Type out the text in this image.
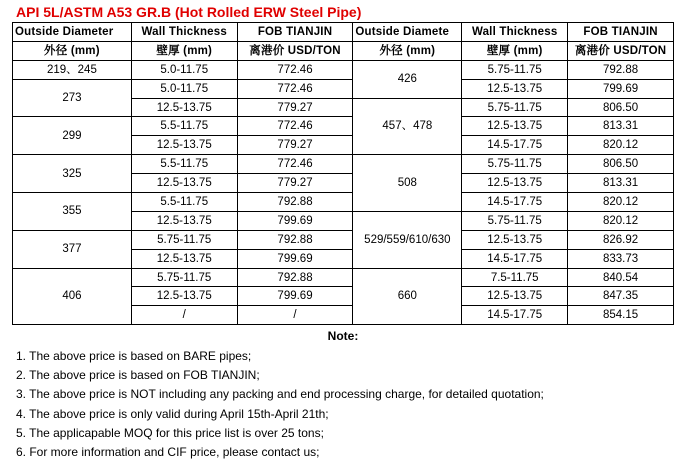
API 5L/ASTM A53 GR.B (Hot Rolled ERW Steel Pipe)
Outside Diameter	Wall Thickness	FOB TIANJIN	Outside Diamete	Wall Thickness	FOB TIANJIN
外径 (mm)	壁厚 (mm)	离港价 USD/TON	外径 (mm)	壁厚 (mm)	离港价 USD/TON
219、245	5.0-11.75	772.46	426	5.75-11.75	792.88
273	5.0-11.75	772.46		12.5-13.75	799.69
	12.5-13.75	779.27	457、478	5.75-11.75	806.50
299	5.5-11.75	772.46		12.5-13.75	813.31
	12.5-13.75	779.27		14.5-17.75	820.12
325	5.5-11.75	772.46	508	5.75-11.75	806.50
	12.5-13.75	779.27		12.5-13.75	813.31
355	5.5-11.75	792.88		14.5-17.75	820.12
	12.5-13.75	799.69	529/559/610/630	5.75-11.75	820.12
377	5.75-11.75	792.88		12.5-13.75	826.92
	12.5-13.75	799.69		14.5-17.75	833.73
406	5.75-11.75	792.88	660	7.5-11.75	840.54
	12.5-13.75	799.69		12.5-13.75	847.35
	/	/		14.5-17.75	854.15
Note:
1. The above price is based on BARE pipes;
2. The above price is based on FOB TIANJIN;
3. The above price is NOT including any packing and end processing charge, for detailed quotation;
4. The above price is only valid during April 15th-April 21th;
5. The applicapable MOQ for this price list is over 25 tons;
6. For more information and CIF price, please contact us;
